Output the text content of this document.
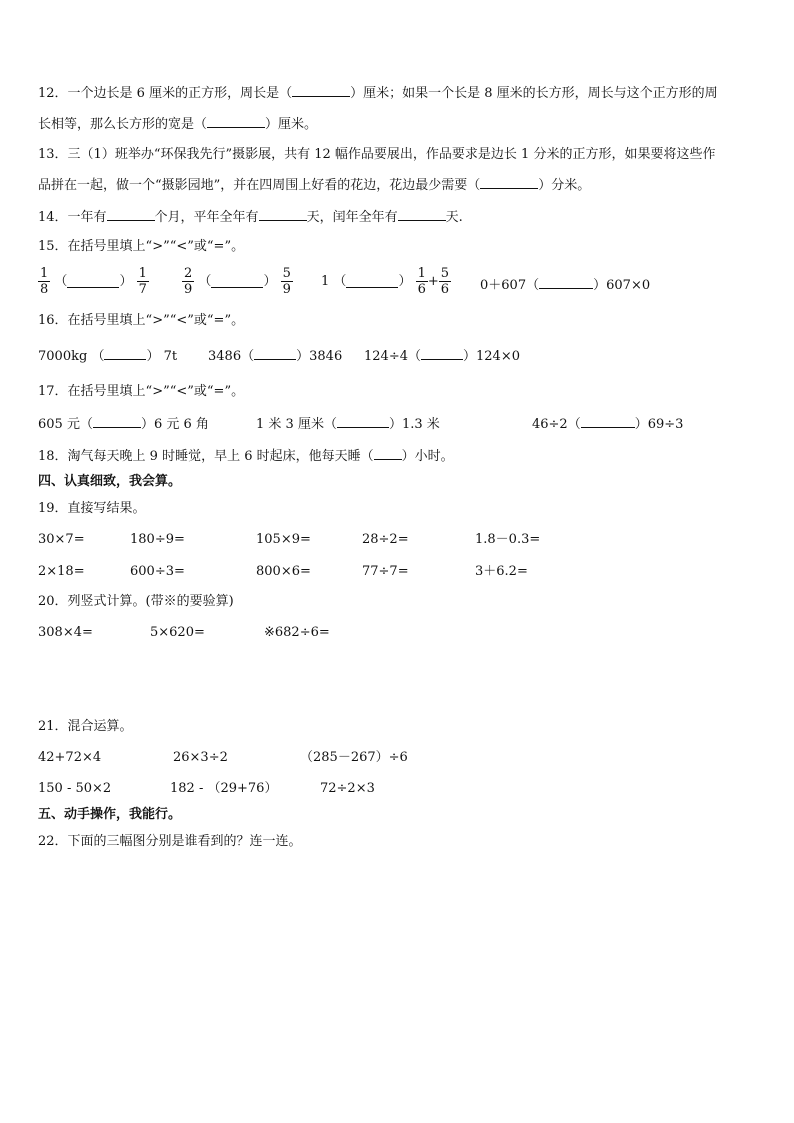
12．一个边长是 6 厘米的正方形，周长是（	）厘米；如果一个长是 8 厘米的长方形，周长与这个正方形的周
长相等，那么长方形的宽是（	）厘米。
13．三（1）班举办“环保我先行”摄影展，共有 12 幅作品要展出，作品要求是边长 1 分米的正方形，如果要将这些作
品拼在一起，做一个“摄影园地”，并在四周围上好看的花边，花边最少需要（	）分米。
14．一年有	个月，平年全年有	天，闰年全年有	天.
15．在括号里填上“>”“<”或“=”。
$\frac{1}{8}$ （	） $\frac{1}{7}$	$\frac{2}{9}$ （	） $\frac{5}{9} 1$ （	） $\frac{1}{6} + \frac{5}{6} 0+607$（	）607×0
16．在括号里填上“>”“<”或“=”。
7000kg （	） 7t 3486（	）3846 124÷4（	）124×0
17．在括号里填上“>”“<”或“=”。
605 元（	）6 元 6 角	1 米 3 厘米（	）1.3 米	46÷2（	）69÷3
18．淘气每天晚上 9 时睡觉，早上 6 时起床，他每天睡（ ）小时。
四、认真细致，我会算。
19．直接写结果。
30×7=	180÷9=	105×9=	28÷2=	1.8－0.3=
2×18=	600÷3=	800×6=	77÷7=	3＋6.2=
20．列竖式计算。(带※的要验算)
308×4=	5×620=	※682÷6=
21．混合运算。
42+72×4	26×3÷2	（285－267）÷6
150 - 50×2	182 - （29+76）	72÷2×3
五、动手操作，我能行。
22．下面的三幅图分别是谁看到的？连一连。
